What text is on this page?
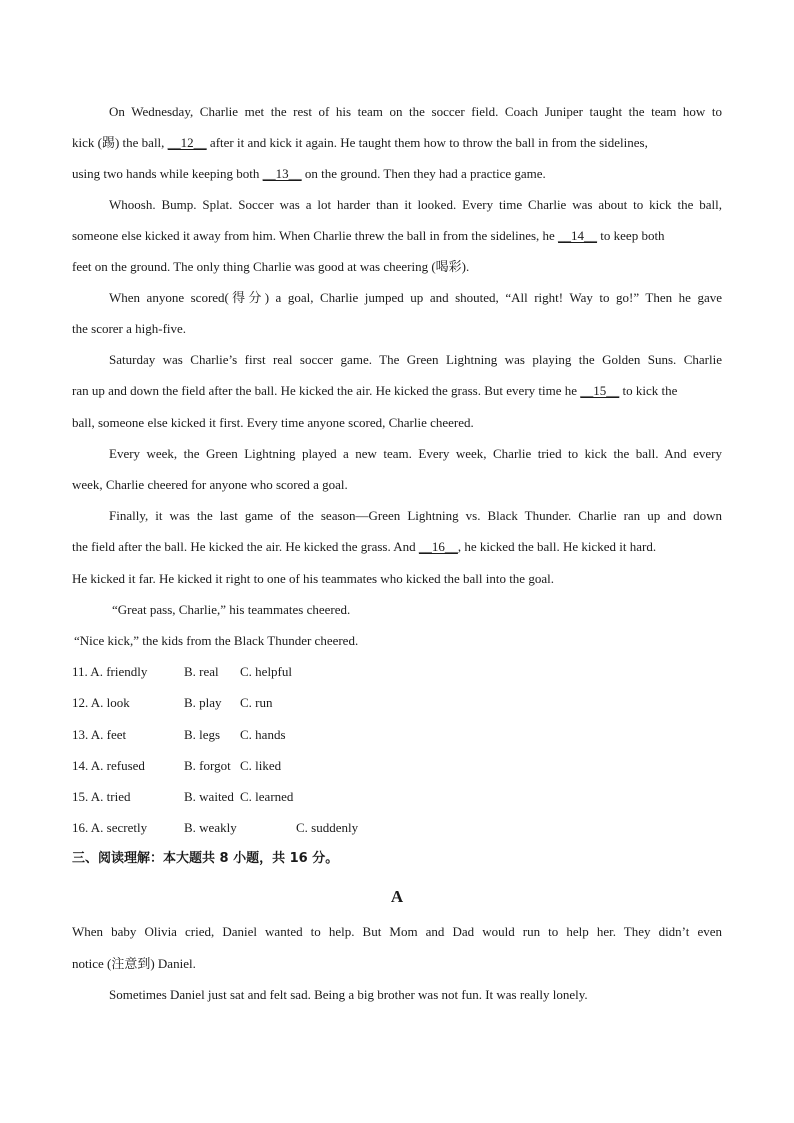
On Wednesday, Charlie met the rest of his team on the soccer field. Coach Juniper taught the team how to
kick (踢) the ball, __12__ after it and kick it again. He taught them how to throw the ball in from the sidelines,
using two hands while keeping both __13__ on the ground. Then they had a practice game.
Whoosh. Bump. Splat. Soccer was a lot harder than it looked. Every time Charlie was about to kick the ball,
someone else kicked it away from him. When Charlie threw the ball in from the sidelines, he __14__ to keep both
feet on the ground. The only thing Charlie was good at was cheering (喝彩).
When anyone scored(得分) a goal, Charlie jumped up and shouted, “All right! Way to go!” Then he gave
the scorer a high-five.
Saturday was Charlie’s first real soccer game. The Green Lightning was playing the Golden Suns. Charlie
ran up and down the field after the ball. He kicked the air. He kicked the grass. But every time he __15__ to kick the
ball, someone else kicked it first. Every time anyone scored, Charlie cheered.
Every week, the Green Lightning played a new team. Every week, Charlie tried to kick the ball. And every
week, Charlie cheered for anyone who scored a goal.
Finally, it was the last game of the season—Green Lightning vs. Black Thunder. Charlie ran up and down
the field after the ball. He kicked the air. He kicked the grass. And __16__, he kicked the ball. He kicked it hard.
He kicked it far. He kicked it right to one of his teammates who kicked the ball into the goal.
“Great pass, Charlie,” his teammates cheered.
“Nice kick,” the kids from the Black Thunder cheered.
11. A. friendly	B. real C. helpful
12. A. look	B. play C. run
13. A. feet	B. legs C. hands
14. A. refused	B. forgot C. liked
15. A. tried	B. waited C. learned
16. A. secretly	B. weakly	C. suddenly
三、阅读理解：本大题共 8 小题，共 16 分。
A
When baby Olivia cried, Daniel wanted to help. But Mom and Dad would run to help her. They didn’t even
notice (注意到) Daniel.
Sometimes Daniel just sat and felt sad. Being a big brother was not fun. It was really lonely.
